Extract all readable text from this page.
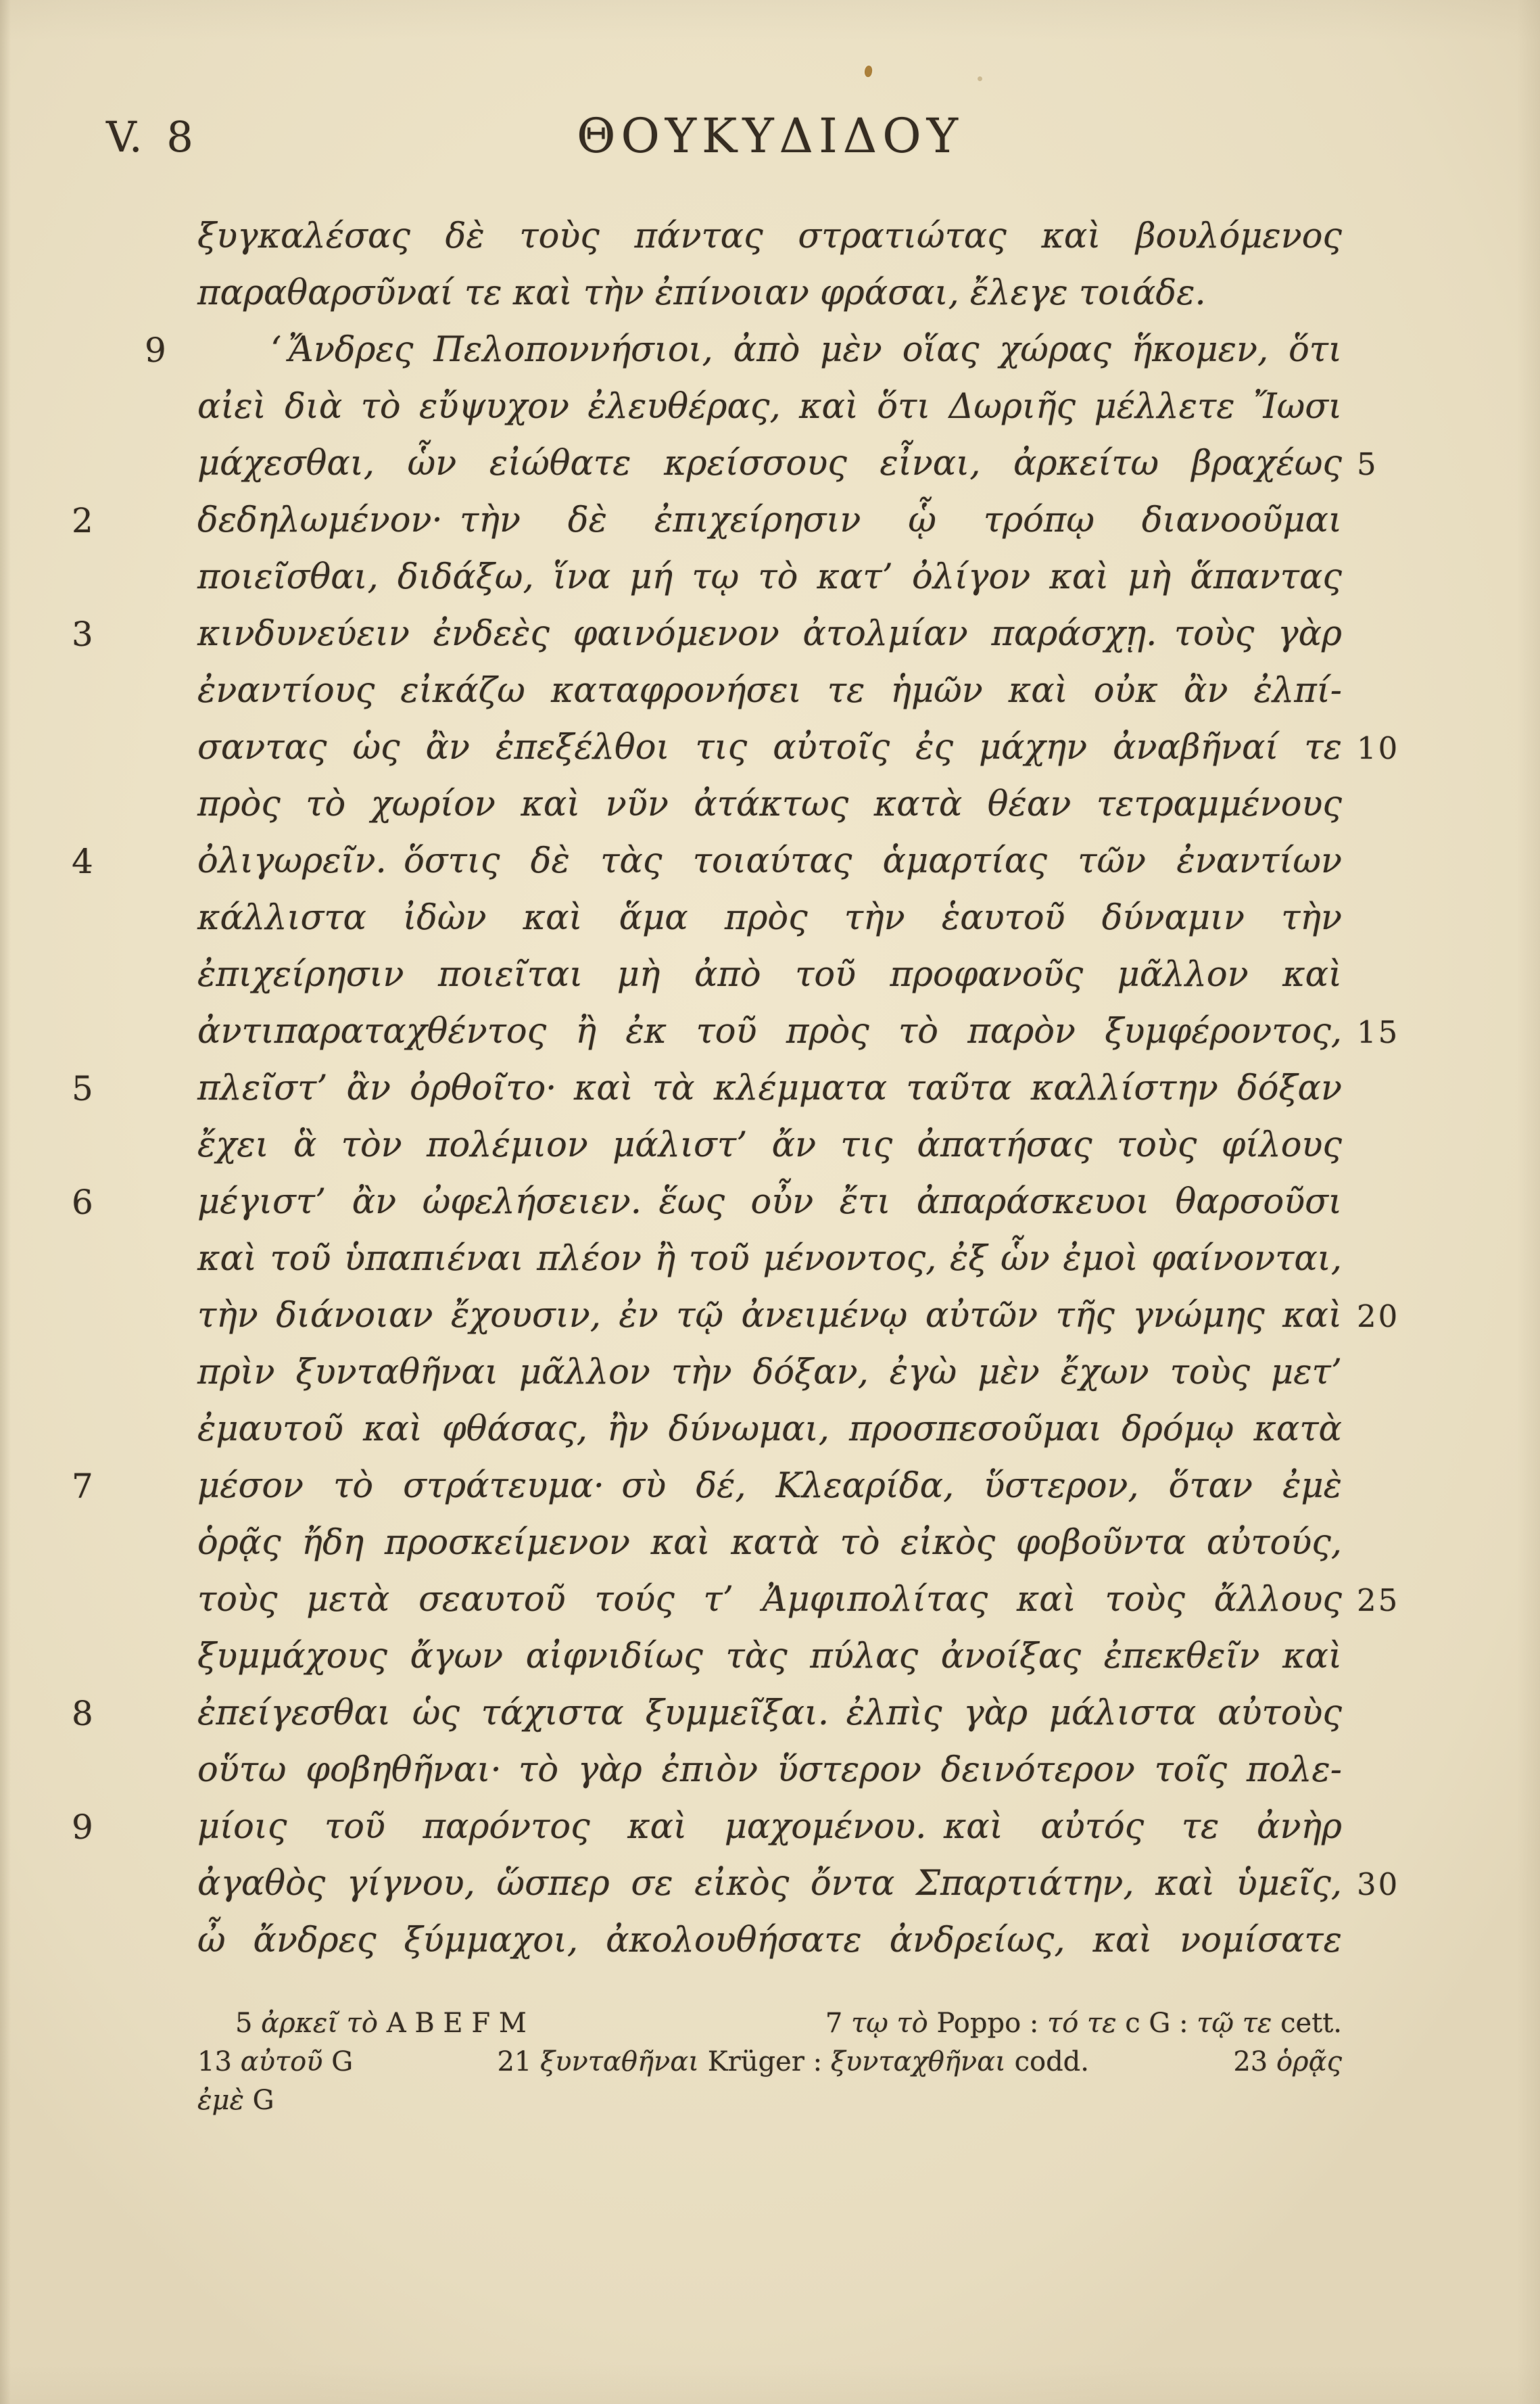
V. 8	ΘΟΥΚΥΔΙΔΟΥ
ξυγκαλέσας δὲ τοὺς πάντας στρατιώτας καὶ βουλόμενος
παραθαρσῦναί τε καὶ τὴν ἐπίνοιαν φράσαι, ἔλεγε τοιάδε.
9	‘ Ἄνδρες Πελοποννήσιοι, ἀπὸ μὲν οἵας χώρας ἥκομεν, ὅτι
αἰεὶ διὰ τὸ εὔψυχον ἐλευθέρας, καὶ ὅτι Δωριῆς μέλλετε Ἴωσι
μάχεσθαι, ὧν εἰώθατε κρείσσους εἶναι, ἀρκείτω βραχέως 5
2	δεδηλωμένον· τὴν δὲ ἐπιχείρησιν ᾧ τρόπῳ διανοοῦμαι
ποιεῖσθαι, διδάξω, ἵνα μή τῳ τὸ κατ’ ὀλίγον καὶ μὴ ἅπαντας
3	κινδυνεύειν ἐνδεὲς φαινόμενον ἀτολμίαν παράσχῃ. τοὺς γὰρ
ἐναντίους εἰκάζω καταφρονήσει τε ἡμῶν καὶ οὐκ ἂν ἐλπί-
σαντας ὡς ἂν ἐπεξέλθοι τις αὐτοῖς ἐς μάχην ἀναβῆναί τε 10
πρὸς τὸ χωρίον καὶ νῦν ἀτάκτως κατὰ θέαν τετραμμένους
4	ὀλιγωρεῖν. ὅστις δὲ τὰς τοιαύτας ἁμαρτίας τῶν ἐναντίων
κάλλιστα ἰδὼν καὶ ἅμα πρὸς τὴν ἑαυτοῦ δύναμιν τὴν
ἐπιχείρησιν ποιεῖται μὴ ἀπὸ τοῦ προφανοῦς μᾶλλον καὶ
ἀντιπαραταχθέντος ἢ ἐκ τοῦ πρὸς τὸ παρὸν ξυμφέροντος, 15
5	πλεῖστ’ ἂν ὀρθοῖτο· καὶ τὰ κλέμματα ταῦτα καλλίστην δόξαν
ἔχει ἃ τὸν πολέμιον μάλιστ’ ἄν τις ἀπατήσας τοὺς φίλους
6	μέγιστ’ ἂν ὠφελήσειεν. ἕως οὖν ἔτι ἀπαράσκευοι θαρσοῦσι
καὶ τοῦ ὑπαπιέναι πλέον ἢ τοῦ μένοντος, ἐξ ὧν ἐμοὶ φαίνονται,
τὴν διάνοιαν ἔχουσιν, ἐν τῷ ἀνειμένῳ αὐτῶν τῆς γνώμης καὶ 20
πρὶν ξυνταθῆναι μᾶλλον τὴν δόξαν, ἐγὼ μὲν ἔχων τοὺς μετ’
ἐμαυτοῦ καὶ φθάσας, ἢν δύνωμαι, προσπεσοῦμαι δρόμῳ κατὰ
7	μέσον τὸ στράτευμα· σὺ δέ, Κλεαρίδα, ὕστερον, ὅταν ἐμὲ
ὁρᾷς ἤδη προσκείμενον καὶ κατὰ τὸ εἰκὸς φοβοῦντα αὐτούς,
τοὺς μετὰ σεαυτοῦ τούς τ’ Ἀμφιπολίτας καὶ τοὺς ἄλλους 25
ξυμμάχους ἄγων αἰφνιδίως τὰς πύλας ἀνοίξας ἐπεκθεῖν καὶ
8	ἐπείγεσθαι ὡς τάχιστα ξυμμεῖξαι. ἐλπὶς γὰρ μάλιστα αὐτοὺς
οὕτω φοβηθῆναι· τὸ γὰρ ἐπιὸν ὕστερον δεινότερον τοῖς πολε-
9	μίοις τοῦ παρόντος καὶ μαχομένου. καὶ αὐτός τε ἀνὴρ
ἀγαθὸς γίγνου, ὥσπερ σε εἰκὸς ὄντα Σπαρτιάτην, καὶ ὑμεῖς, 30
ὦ ἄνδρες ξύμμαχοι, ἀκολουθήσατε ἀνδρείως, καὶ νομίσατε
5 ἀρκεῖ τὸ A B E F M	7 τῳ τὸ Poppo : τό τε c G : τῷ τε cett.
13 αὐτοῦ G	21 ξυνταθῆναι Krüger : ξυνταχθῆναι codd.	23 ὁρᾷς
ἐμὲ G
